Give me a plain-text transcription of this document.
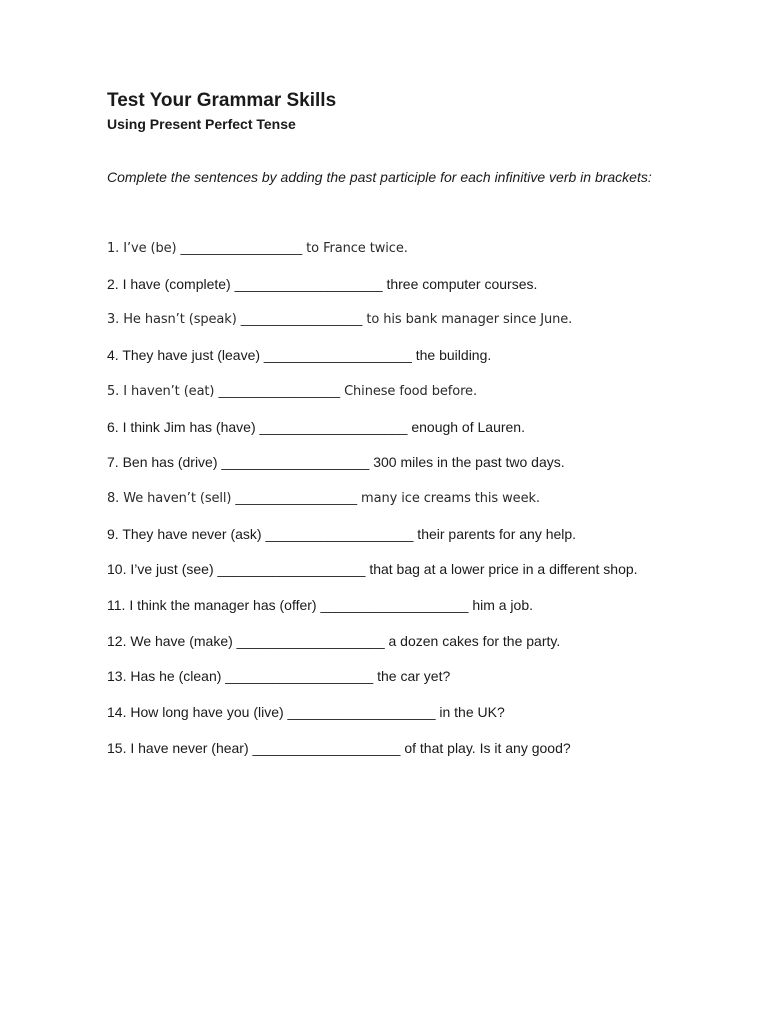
Test Your Grammar Skills
Using Present Perfect Tense

Complete the sentences by adding the past participle for each infinitive verb in brackets:

1. I’ve (be) ___________________ to France twice.
2. I have (complete) ___________________ three computer courses.
3. He hasn’t (speak) ___________________ to his bank manager since June.
4. They have just (leave) ___________________ the building.
5. I haven’t (eat) ___________________ Chinese food before.
6. I think Jim has (have) ___________________ enough of Lauren.
7. Ben has (drive) ___________________ 300 miles in the past two days.
8. We haven’t (sell) ___________________ many ice creams this week.
9. They have never (ask) ___________________ their parents for any help.
10. I’ve just (see) ___________________ that bag at a lower price in a different shop.
11. I think the manager has (offer) ___________________ him a job.
12. We have (make) ___________________ a dozen cakes for the party.
13. Has he (clean) ___________________ the car yet?
14. How long have you (live) ___________________ in the UK?
15. I have never (hear) ___________________ of that play. Is it any good?
